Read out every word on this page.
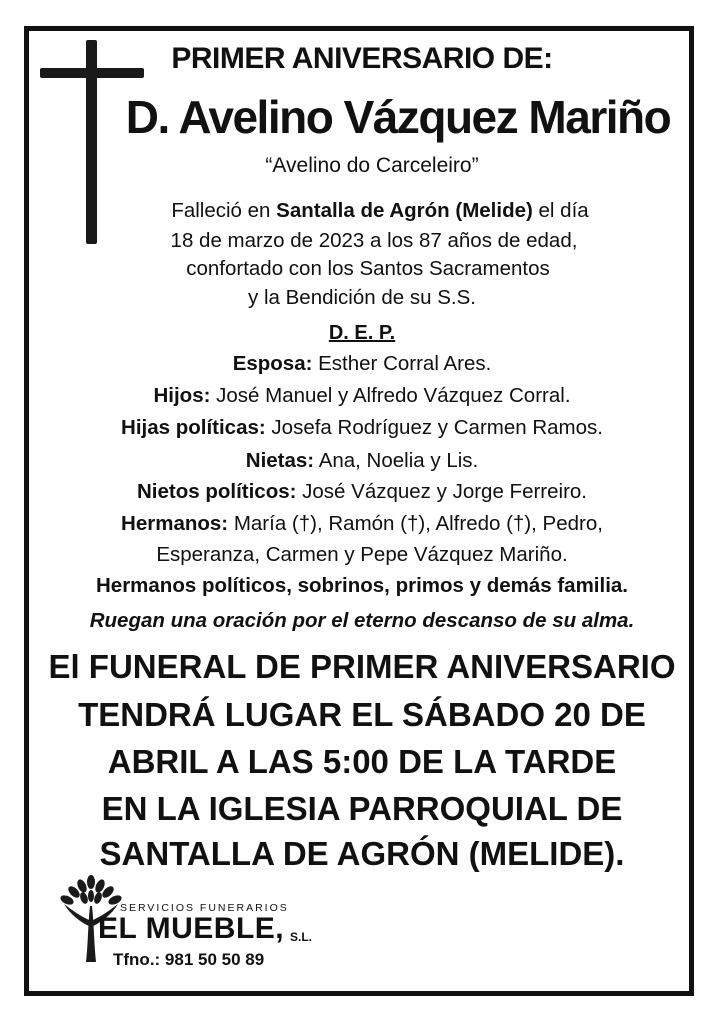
PRIMER ANIVERSARIO DE:
D. Avelino Vázquez Mariño
“Avelino do Carceleiro”
Falleció en Santalla de Agrón (Melide) el día
18 de marzo de 2023 a los 87 años de edad,
confortado con los Santos Sacramentos
y la Bendición de su S.S.
D. E. P.
Esposa: Esther Corral Ares.
Hijos: José Manuel y Alfredo Vázquez Corral.
Hijas políticas: Josefa Rodríguez y Carmen Ramos.
Nietas: Ana, Noelia y Lis.
Nietos políticos: José Vázquez y Jorge Ferreiro.
Hermanos: María (†), Ramón (†), Alfredo (†), Pedro,
Esperanza, Carmen y Pepe Vázquez Mariño.
Hermanos políticos, sobrinos, primos y demás familia.
Ruegan una oración por el eterno descanso de su alma.
El FUNERAL DE PRIMER ANIVERSARIO
TENDRÁ LUGAR EL SÁBADO 20 DE
ABRIL A LAS 5:00 DE LA TARDE
EN LA IGLESIA PARROQUIAL DE
SANTALLA DE AGRÓN (MELIDE).
SERVICIOS FUNERARIOS
EL MUEBLE, S.L.
Tfno.: 981 50 50 89
